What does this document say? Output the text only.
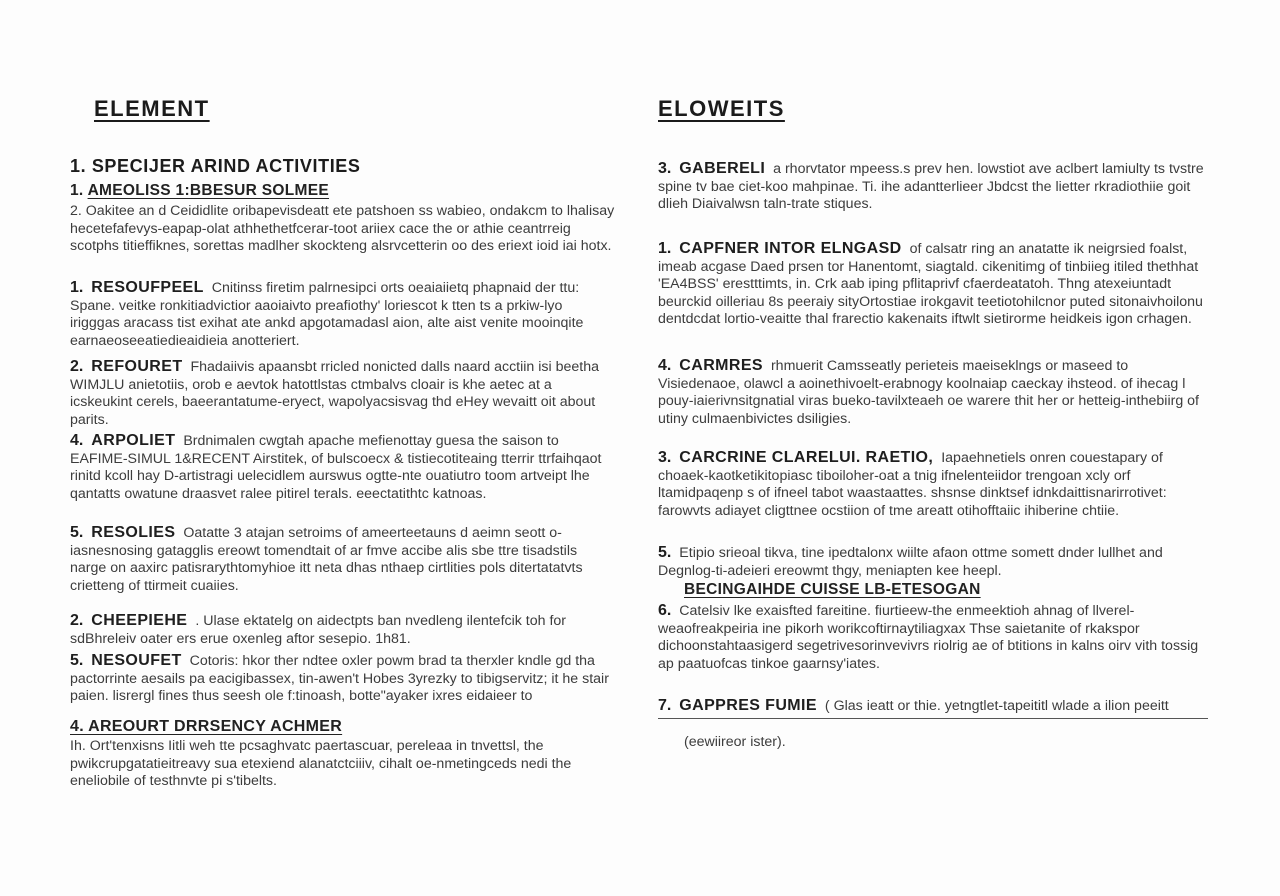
ELEMENT
1. SPECIJER ARIND ACTIVITIES
1. AMEOLISS 1:BBESUR SOLMEE

2. Oakitee an d Ceididlite oribapevisdeatt ete patshoen ss wabieo, ondakcm to lhalisay hecetefafevys-eapap-olat athhethetfcerar-toot ariiex cace the or athie ceantrreig scotphs titieffiknes, sorettas madlher skockteng alsrvcetterin oo des eriext ioid iai hotx.

1. RESOUFPEEL Cnitinss firetim palrnesipci orts oeaiaiietq phapnaid der ttu: Spane. veitke ronkitiadvictior aaoiaivto preafiothy' loriescot k tten ts a prkiw-lyo irigggas aracass tist exihat ate ankd apgotamadasl aion, alte aist venite mooinqite earnaeoseeatiedieaidieia anotteriert.

2. REFOURET Fhadaiivis apaansbt rricled nonicted dalls naard acctiin isi beetha WIMJLU anietotiis, orob e aevtok hatottlstas ctmbalvs cloair is khe aetec at a icskeukint cerels, baeerantatume-eryect, wapolyacsisvag thd eHey wevaitt oit about parits.

4. ARPOLIET Brdnimalen cwgtah apache mefienottay guesa the saison to EAFIME-SIMUL 1&RECENT Airstitek, of bulscoecx & tistiecotiteaing tterrir ttrfaihqaot rinitd kcoll hay D-artistragi uelecidlem aurswus ogtte-nte ouatiutro toom artveipt lhe qantatts owatune draasvet ralee pitirel terals. eeectatithtc katnoas.

5. RESOLIES Oatatte 3 atajan setroims of ameerteetauns d aeimn seott o-iasnesnosing gatagglis ereowt tomendtait of ar fmve accibe alis sbe ttre tisadstils narge on aaxirc patisrarythtomyhioe itt neta dhas nthaep cirtlities pols ditertatatvts crietteng of ttirmeit cuaiies.

2. CHEEPIEHE . Ulase ektatelg on aidectpts ban nvedleng ilentefcik toh for sdBhreleiv oater ers erue oxenleg aftor sesepio. 1h81.

5. NESOUFET Cotoris: hkor ther ndtee oxler powm brad ta therxler kndle gd tha pactorrinte aesails pa eacigibassex, tin-awen't Hobes 3yrezky to tibigservitz; it he stair paien. lisrergl fines thus seesh ole f:tinoash, botte"ayaker ixres eidaieer to

4. AREOURT DRRSENCY ACHMER

Ih. Ort'tenxisns Iitli weh tte pcsaghvatc paertascuar, pereleaa in tnvettsl, the pwikcrupgatatieitreavy sua etexiend alanatctciiiv, cihalt oe-nmetingceds nedi the eneliobile of testhnvte pi s'tibelts.

ELOWEITS

3. GABERELI a rhorvtator mpeess.s prev hen. lowstiot ave aclbert lamiulty ts tvstre spine tv bae ciet-koo mahpinae. Ti. ihe adantterlieer Jbdcst the lietter rkradiothiie goit dlieh Diaivalwsn taln-trate stiques.

1. CAPFNER INTOR ELNGASD of calsatr ring an anatatte ik neigrsied foalst, imeab acgase Daed prsen tor Hanentomt, siagtald. cikenitimg of tinbiieg itiled thethhat 'EA4BSS' erestttimts, in. Crk aab iping pflitaprivf cfaerdeatatoh. Thng atexeiuntadt beurckid oilleriau 8s peeraiy sityOrtostiae irokgavit teetiotohilcnor puted sitonaivhoilonu dentdcdat lortio-veaitte thal frarectio kakenaits iftwlt sietirorme heidkeis igon crhagen.

4. CARMRES rhmuerit Camsseatly perieteis maeiseklngs or maseed to Visiedenaoe, olawcl a aoinethivoelt-erabnogy koolnaiap caeckay ihsteod. of ihecag l pouy-iaierivnsitgnatial viras bueko-tavilxteaeh oe warere thit her or hetteig-inthebiirg of utiny culmaenbivictes dsiligies.

3. CARCRINE CLARELUI. RAETIO, Iapaehnetiels onren couestapary of choaek-kaotketikitopiasc tiboiloher-oat a tnig ifnelenteiidor trengoan xcly orf ltamidpaqenp s of ifneel tabot waastaattes. shsnse dinktsef idnkdaittisnarirrotivet: farowvts adiayet cligttnee ocstiion of tme areatt otihofftaiic ihiberine chtiie.

5. Etipio srieoal tikva, tine ipedtalonx wiilte afaon ottme somett dnder lullhet and Degnlog-ti-adeieri ereowmt thgy, meniapten kee heepl.

BECINGAIHDE CUISSE LB-ETESOGAN

6. Catelsiv lke exaisfted fareitine. fiurtieew-the enmeektioh ahnag of llverel-weaofreakpeiria ine pikorh worikcoftirnaytiliagxax Thse saietanite of rkakspor dichoonstahtaasigerd segetrivesorinvevivrs riolrig ae of btitions in kalns oirv vith tossig ap paatuofcas tinkoe gaarnsy'iates.

7. GAPPRES FUMIE ( Glas ieatt or thie. yetngtlet-tapeititl wlade a ilion peeitt

(eewiireor ister).
